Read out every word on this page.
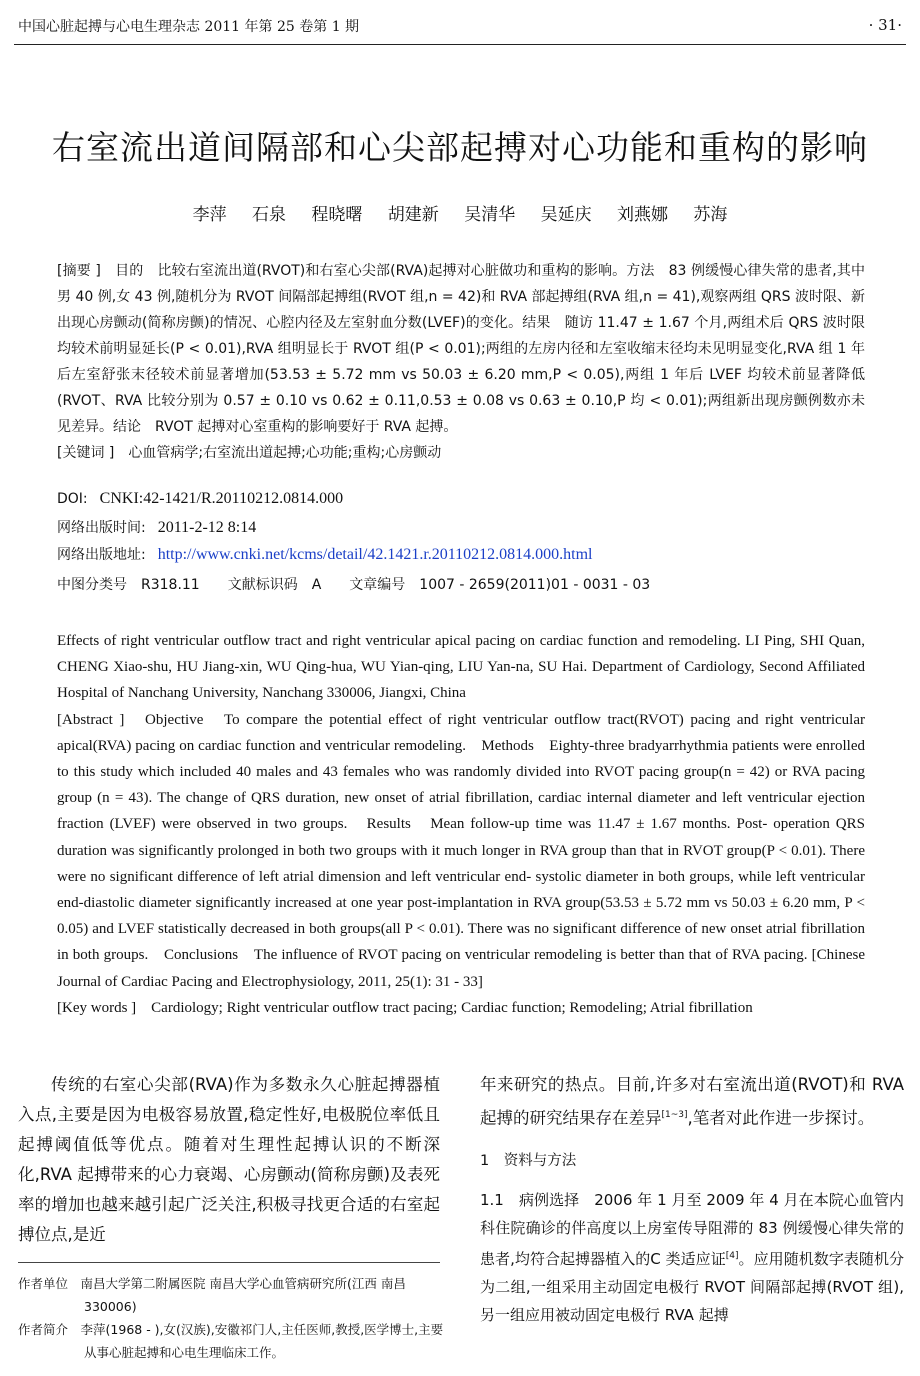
中国心脏起搏与心电生理杂志 2011 年第 25 卷第 1 期	· 31·
右室流出道间隔部和心尖部起搏对心功能和重构的影响
李萍 石泉 程晓曙 胡建新 吴清华 吴延庆 刘燕娜 苏海

[摘要 ]　 目的　比较右室流出道(RVOT)和右室心尖部(RVA)起搏对心脏做功和重构的影响。方法　83 例缓慢心律失常的患者,其中男 40 例,女 43 例,随机分为 RVOT 间隔部起搏组(RVOT 组,n = 42)和 RVA 部起搏组(RVA 组,n = 41),观察两组 QRS 波时限、新出现心房颤动(简称房颤)的情况、心腔内径及左室射血分数(LVEF)的变化。结果　随访 11.47 ± 1.67 个月,两组术后 QRS 波时限均较术前明显延长(P < 0.01),RVA 组明显长于 RVOT 组(P < 0.01);两组的左房内径和左室收缩末径均未见明显变化,RVA 组 1 年后左室舒张末径较术前显著增加(53.53 ± 5.72 mm vs 50.03 ± 6.20 mm,P < 0.05),两组 1 年后 LVEF 均较术前显著降低(RVOT、RVA 比较分别为 0.57 ± 0.10 vs 0.62 ± 0.11,0.53 ± 0.08 vs 0.63 ± 0.10,P 均 < 0.01);两组新出现房颤例数亦未见差异。结论　RVOT 起搏对心室重构的影响要好于 RVA 起搏。

[关键词 ]　 心血管病学;右室流出道起搏;心功能;重构;心房颤动

DOI: CNKI:42-1421/R.20110212.0814.000
网络出版时间: 2011-2-12 8:14
网络出版地址: http://www.cnki.net/kcms/detail/42.1421.r.20110212.0814.000.html
中图分类号　R318.11　　文献标识码　A　　文章编号　1007 - 2659(2011)01 - 0031 - 03

Effects of right ventricular outflow tract and right ventricular apical pacing on cardiac function and remodeling. LI Ping, SHI Quan, CHENG Xiao-shu, HU Jiang-xin, WU Qing-hua, WU Yian-qing, LIU Yan-na, SU Hai. Department of Cardiology, Second Affiliated Hospital of Nanchang University, Nanchang 330006, Jiangxi, China

[Abstract ]　 Objective　To compare the potential effect of right ventricular outflow tract(RVOT) pacing and right ventricular apical(RVA) pacing on cardiac function and ventricular remodeling.　Methods　Eighty-three bradyarrhythmia patients were enrolled to this study which included 40 males and 43 females who was randomly divided into RVOT pacing group(n = 42) or RVA pacing group (n = 43). The change of QRS duration, new onset of atrial fibrillation, cardiac internal diameter and left ventricular ejection fraction (LVEF) were observed in two groups.　Results　Mean follow-up time was 11.47 ± 1.67 months. Post- operation QRS duration was significantly prolonged in both two groups with it much longer in RVA group than that in RVOT group(P < 0.01). There were no significant difference of left atrial dimension and left ventricular end- systolic diameter in both groups, while left ventricular end-diastolic diameter significantly increased at one year post-implantation in RVA group(53.53 ± 5.72 mm vs 50.03 ± 6.20 mm, P < 0.05) and LVEF statistically decreased in both groups(all P < 0.01). There was no significant difference of new onset atrial fibrillation in both groups.　Conclusions　The influence of RVOT pacing on ventricular remodeling is better than that of RVA pacing. [Chinese Journal of Cardiac Pacing and Electrophysiology, 2011, 25(1): 31 - 33]

[Key words ]　 Cardiology; Right ventricular outflow tract pacing; Cardiac function; Remodeling; Atrial fibrillation

传统的右室心尖部(RVA)作为多数永久心脏起搏器植入点,主要是因为电极容易放置,稳定性好,电极脱位率低且起搏阈值低等优点。随着对生理性起搏认识的不断深化,RVA 起搏带来的心力衰竭、心房颤动(简称房颤)及表死率的增加也越来越引起广泛关注,积极寻找更合适的右室起搏位点,是近

年来研究的热点。目前,许多对右室流出道(RVOT)和 RVA 起搏的研究结果存在差异[1~3],笔者对此作进一步探讨。

1　资料与方法

1.1　病例选择　2006 年 1 月至 2009 年 4 月在本院心血管内科住院确诊的伴高度以上房室传导阻滞的 83 例缓慢心律失常的患者,均符合起搏器植入的C 类适应证[4]。应用随机数字表随机分为二组,一组采用主动固定电极行 RVOT 间隔部起搏(RVOT 组),另一组应用被动固定电极行 RVA 起搏

作者单位　 南昌大学第二附属医院 南昌大学心血管病研究所(江西 南昌 330006)

作者简介　 李萍(1968 - ),女(汉族),安徽祁门人,主任医师,教授,医学博士,主要从事心脏起搏和心电生理临床工作。
